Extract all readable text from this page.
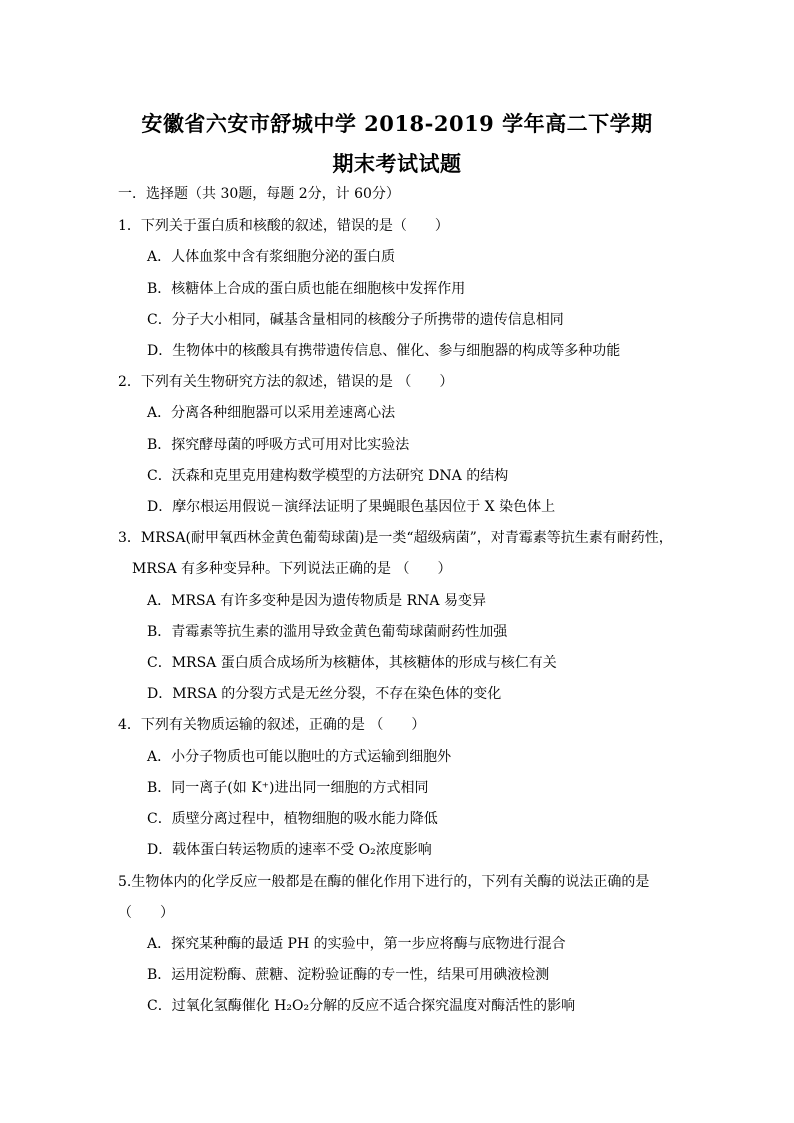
安徽省六安市舒城中学 2018-2019 学年高二下学期
期末考试试题
一．选择题（共 30题，每题 2分，计 60分）
1．下列关于蛋白质和核酸的叙述，错误的是（　　）
A．人体血浆中含有浆细胞分泌的蛋白质
B．核糖体上合成的蛋白质也能在细胞核中发挥作用
C．分子大小相同，碱基含量相同的核酸分子所携带的遗传信息相同
D．生物体中的核酸具有携带遗传信息、催化、参与细胞器的构成等多种功能
2．下列有关生物研究方法的叙述，错误的是 （　　）
A．分离各种细胞器可以采用差速离心法
B．探究酵母菌的呼吸方式可用对比实验法
C．沃森和克里克用建构数学模型的方法研究 DNA 的结构
D．摩尔根运用假说－演绎法证明了果蝇眼色基因位于 X 染色体上
3．MRSA(耐甲氧西林金黄色葡萄球菌)是一类“超级病菌”，对青霉素等抗生素有耐药性，
MRSA 有多种变异种。下列说法正确的是 （　　）
A．MRSA 有许多变种是因为遗传物质是 RNA 易变异
B．青霉素等抗生素的滥用导致金黄色葡萄球菌耐药性加强
C．MRSA 蛋白质合成场所为核糖体，其核糖体的形成与核仁有关
D．MRSA 的分裂方式是无丝分裂，不存在染色体的变化
4．下列有关物质运输的叙述，正确的是 （　　）
A．小分子物质也可能以胞吐的方式运输到细胞外
B．同一离子(如 K⁺)进出同一细胞的方式相同
C．质壁分离过程中，植物细胞的吸水能力降低
D．载体蛋白转运物质的速率不受 O₂浓度影响
5.生物体内的化学反应一般都是在酶的催化作用下进行的，下列有关酶的说法正确的是
（　　）
A．探究某种酶的最适 PH 的实验中，第一步应将酶与底物进行混合
B．运用淀粉酶、蔗糖、淀粉验证酶的专一性，结果可用碘液检测
C．过氧化氢酶催化 H₂O₂分解的反应不适合探究温度对酶活性的影响
